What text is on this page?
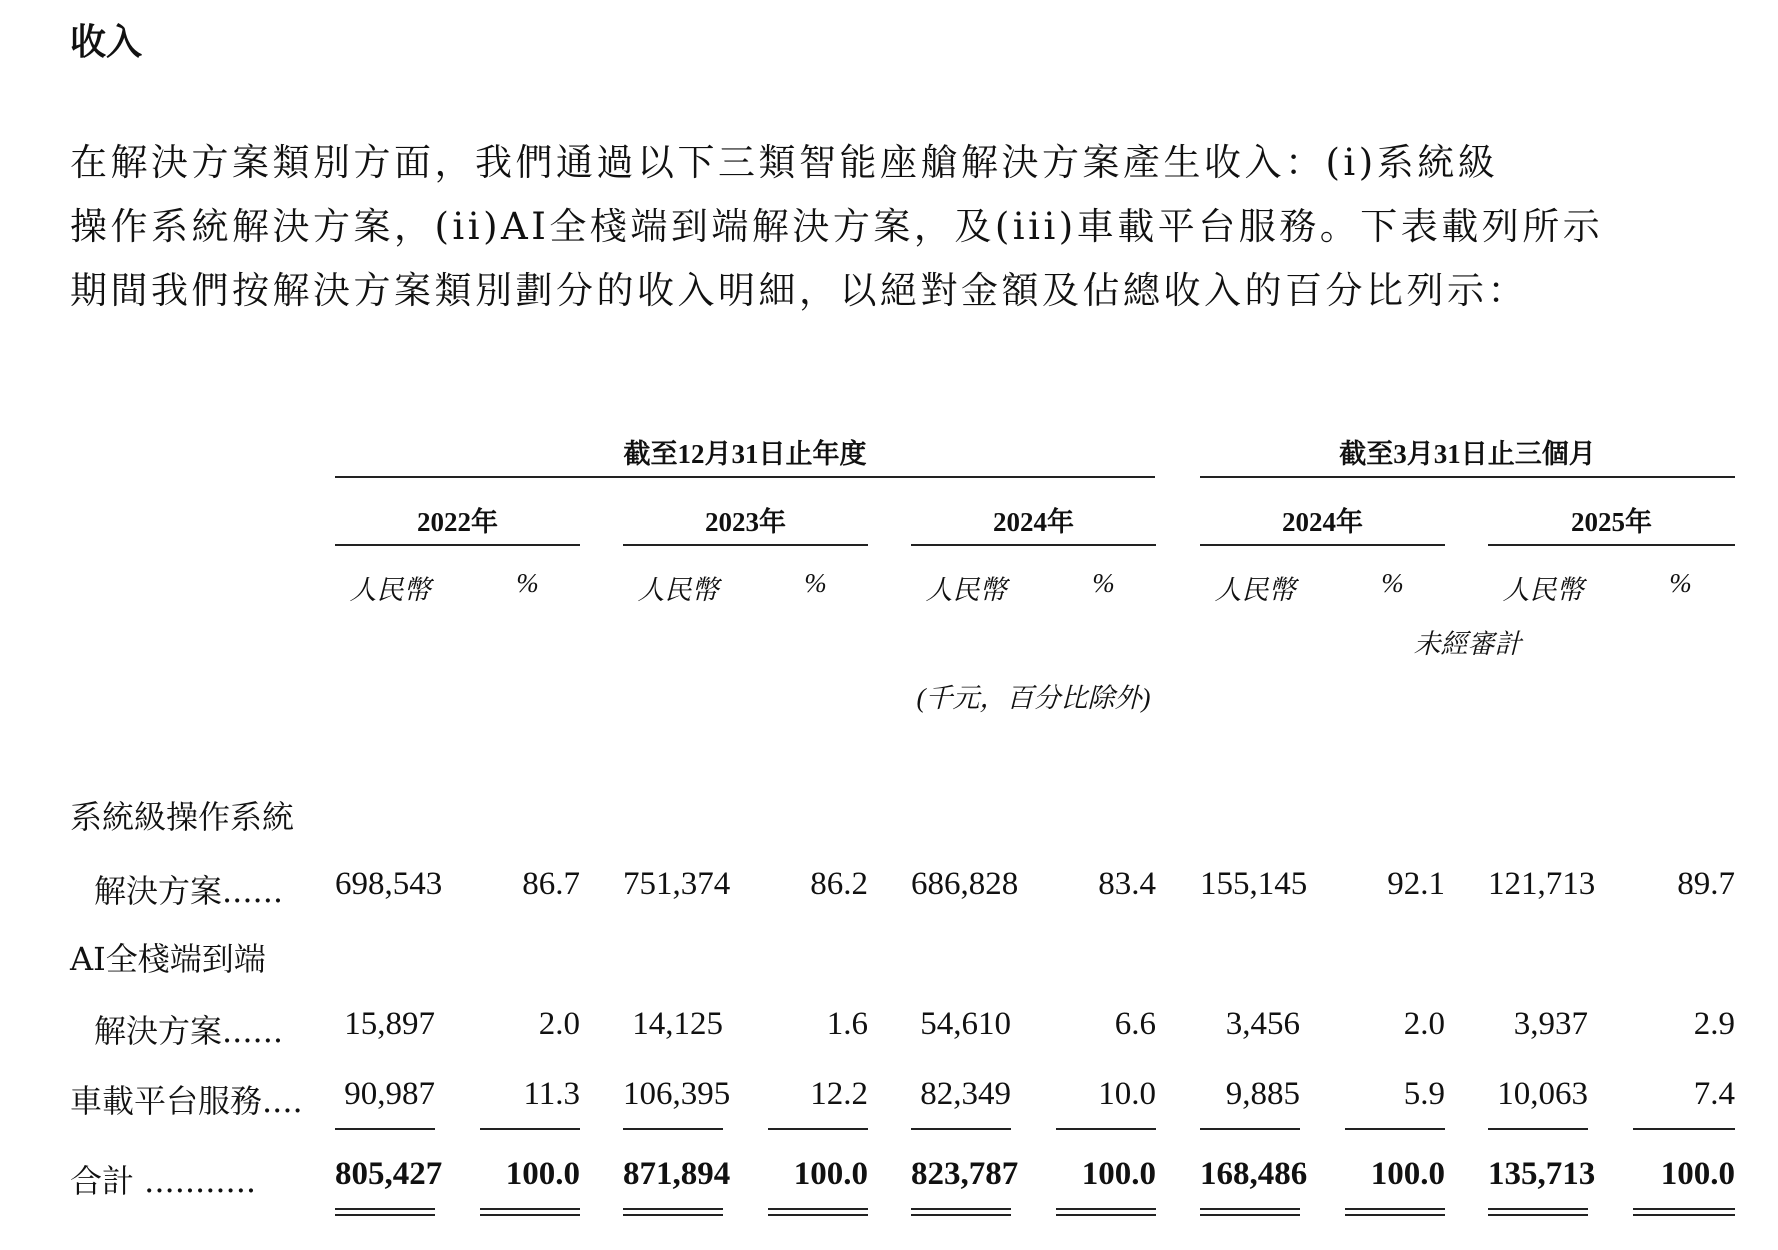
收入
在解決方案類別方面，我們通過以下三類智能座艙解決方案產生收入：(i)系統級
操作系統解決方案，(ii)AI全棧端到端解決方案，及(iii)車載平台服務。下表載列所示
期間我們按解決方案類別劃分的收入明細，以絕對金額及佔總收入的百分比列示：
截至12月31日止年度	截至3月31日止三個月
2022年	2023年	2024年	2024年	2025年
人民幣	%	人民幣	%	人民幣	%	人民幣	%	人民幣	%
未經審計
(千元，百分比除外)
系統級操作系統
解決方案...... 698,543	86.7 751,374	86.2 686,828	83.4 155,145	92.1 121,713	89.7
AI全棧端到端
解決方案...... 15,897	2.0 14,125	1.6 54,610	6.6	3,456	2.0	3,937	2.9
車載平台服務.... 90,987	11.3 106,395	12.2 82,349	10.0	9,885	5.9 10,063	7.4
合計 ........... 805,427	100.0 871,894	100.0 823,787	100.0 168,486	100.0 135,713	100.0
